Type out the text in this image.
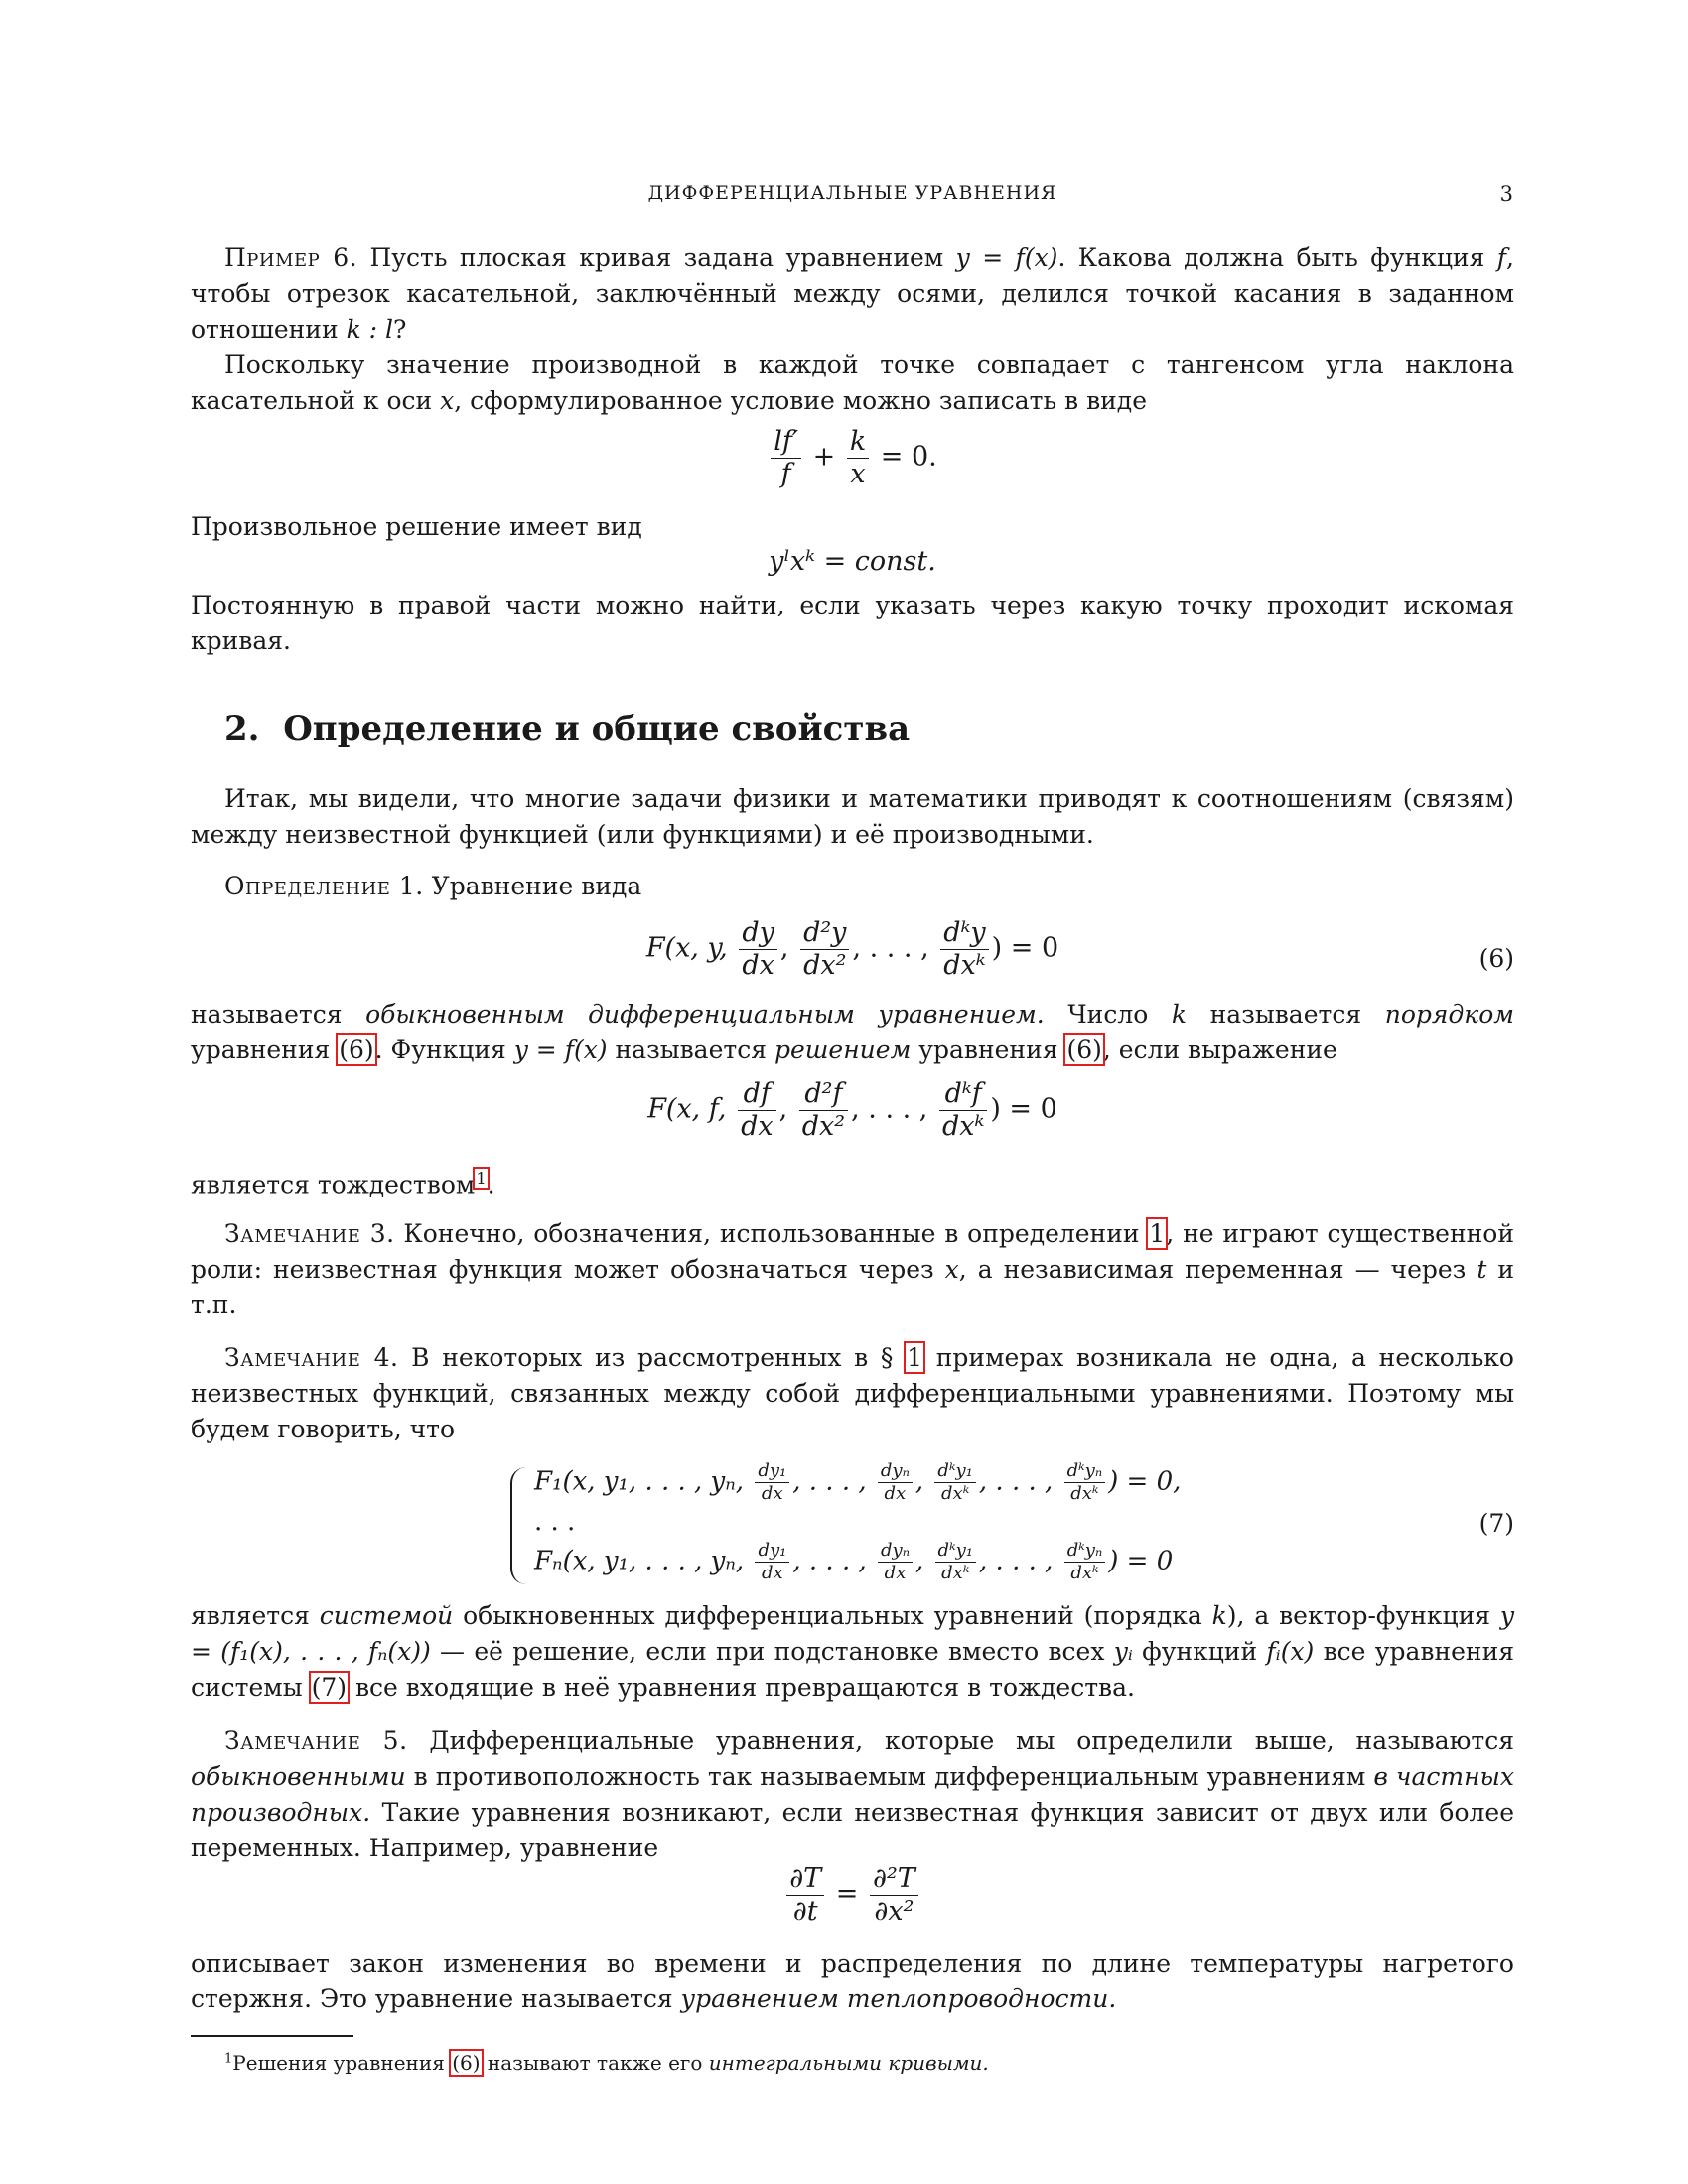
ДИФФЕРЕНЦИАЛЬНЫЕ УРАВНЕНИЯ	3

Пример 6. Пусть плоская кривая задана уравнением y = f(x). Какова должна быть функция f, чтобы отрезок касательной, заключённый между осями, делился точкой касания в заданном отношении k : l?

Поскольку значение производной в каждой точке совпадает с тангенсом угла наклона касательной к оси x, сформулированное условие можно записать в виде

$\frac{lf'}{f} + \frac{k}{x} = 0$.

Произвольное решение имеет вид

yˡxᵏ = const.

Постоянную в правой части можно найти, если указать через какую точку проходит искомая кривая.

2. Определение и общие свойства

Итак, мы видели, что многие задачи физики и математики приводят к соотношениям (связям) между неизвестной функцией (или функциями) и её производными.

Определение 1. Уравнение вида

F(x, y, $\frac{dy}{dx}$ , $\frac{\text{d²y}}{\text{dx²}}$ , . . . , $\frac{\text{dᵏy}}{\text{dxᵏ}}$ ) = 0	(6)

называется обыкновенным дифференциальным уравнением. Число k называется порядком уравнения (6). Функция y = f(x) называется решением уравнения (6), если выражение

F(x, f, $\frac{df}{dx}$ , $\frac{\text{d²f}}{\text{dx²}}$ , . . . , $\frac{\text{dᵏf}}{\text{dxᵏ}}$ ) = 0

является тождеством$^1$.

Замечание 3. Конечно, обозначения, использованные в определении 1, не играют существенной роли: неизвестная функция может обозначаться через x, а независимая переменная — через t и т.п.

Замечание 4. В некоторых из рассмотренных в § 1 примерах возникала не одна, а несколько неизвестных функций, связанных между собой дифференциальными уравнениями. Поэтому мы будем говорить, что

F₁(x, y₁, . . . , yₙ, $\frac{\text{dy₁}}{dx}$ , . . . , $\frac{\text{dyₙ}}{dx}$ , $\frac{\text{dᵏy₁}}{\text{dxᵏ}}$ , . . . , $\frac{\text{dᵏyₙ}}{\text{dxᵏ}}$ ) = 0,
. . .
Fₙ(x, y₁, . . . , yₙ, $\frac{\text{dy₁}}{dx}$ , . . . , $\frac{\text{dyₙ}}{dx}$ , $\frac{\text{dᵏy₁}}{\text{dxᵏ}}$ , . . . , $\frac{\text{dᵏyₙ}}{\text{dxᵏ}}$ ) = 0
(7)

является системой обыкновенных дифференциальных уравнений (порядка k), а вектор-функция y = (f₁(x), . . . , fₙ(x)) — её решение, если при подстановке вместо всех yᵢ функций fᵢ(x) все уравнения системы (7) все входящие в неё уравнения превращаются в тождества.

Замечание 5. Дифференциальные уравнения, которые мы определили выше, называются обыкновенными в противоположность так называемым дифференциальным уравнениям в частных производных. Такие уравнения возникают, если неизвестная функция зависит от двух или более переменных. Например, уравнение

$\frac{\partial T}{\partial t} = \frac{\text{∂²T}}{\text{∂x²}}$

описывает закон изменения во времени и распределения по длине температуры нагретого стержня. Это уравнение называется уравнением теплопроводности.

$^1$Решения уравнения (6) называют также его интегральными кривыми.
